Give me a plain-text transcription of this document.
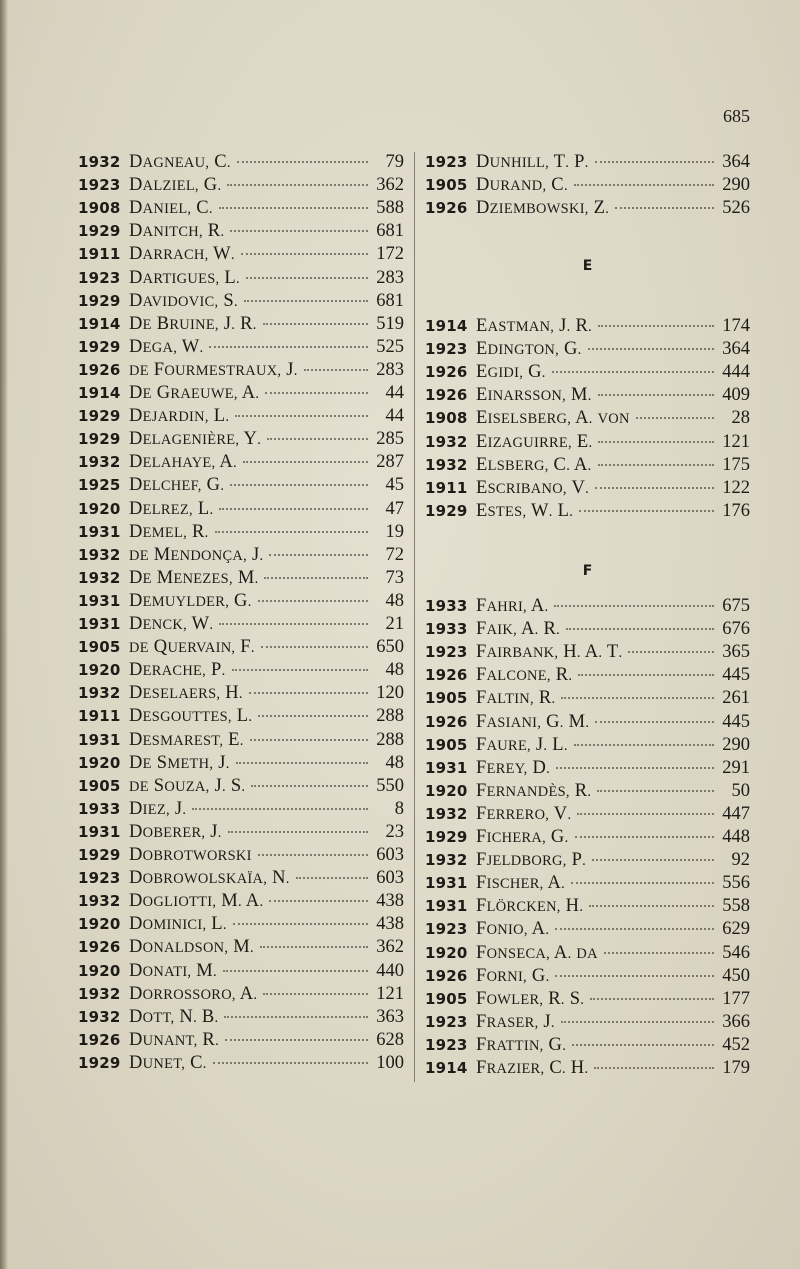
685
1932 DAGNEAU, C.	79
1923 DALZIEL, G.	362
1908 DANIEL, C.	588
1929 DANITCH, R.	681
1911 DARRACH, W.	172
1923 DARTIGUES, L.	283
1929 DAVIDOVIC, S.	681
1914 DE BRUINE, J. R.	519
1929 DEGA, W.	525
1926 DE FOURMESTRAUX, J.	283
1914 DE GRAEUWE, A.	44
1929 DEJARDIN, L.	44
1929 DELAGENIÈRE, Y.	285
1932 DELAHAYE, A.	287
1925 DELCHEF, G.	45
1920 DELREZ, L.	47
1931 DEMEL, R.	19
1932 DE MENDONÇA, J.	72
1932 DE MENEZES, M.	73
1931 DEMUYLDER, G.	48
1931 DENCK, W.	21
1905 DE QUERVAIN, F.	650
1920 DERACHE, P.	48
1932 DESELAERS, H.	120
1911 DESGOUTTES, L.	288
1931 DESMAREST, E.	288
1920 DE SMETH, J.	48
1905 DE SOUZA, J. S.	550
1933 DIEZ, J.	8
1931 DOBERER, J.	23
1929 DOBROTWORSKI	603
1923 DOBROWOLSKAÏA, N.	603
1932 DOGLIOTTI, M. A.	438
1920 DOMINICI, L.	438
1926 DONALDSON, M.	362
1920 DONATI, M.	440
1932 DORROSSORO, A.	121
1932 DOTT, N. B.	363
1926 DUNANT, R.	628
1929 DUNET, C.	100
E
F
1923 DUNHILL, T. P.	364
1905 DURAND, C.	290
1926 DZIEMBOWSKI, Z.	526
1914 EASTMAN, J. R.	174
1923 EDINGTON, G.	364
1926 EGIDI, G.	444
1926 EINARSSON, M.	409
1908 EISELSBERG, A. VON	28
1932 EIZAGUIRRE, E.	121
1932 ELSBERG, C. A.	175
1911 ESCRIBANO, V.	122
1929 ESTES, W. L.	176
1933 FAHRI, A.	675
1933 FAIK, A. R.	676
1923 FAIRBANK, H. A. T.	365
1926 FALCONE, R.	445
1905 FALTIN, R.	261
1926 FASIANI, G. M.	445
1905 FAURE, J. L.	290
1931 FEREY, D.	291
1920 FERNANDÈS, R.	50
1932 FERRERO, V.	447
1929 FICHERA, G.	448
1932 FJELDBORG, P.	92
1931 FISCHER, A.	556
1931 FLÖRCKEN, H.	558
1923 FONIO, A.	629
1920 FONSECA, A. DA	546
1926 FORNI, G.	450
1905 FOWLER, R. S.	177
1923 FRASER, J.	366
1923 FRATTIN, G.	452
1914 FRAZIER, C. H.	179
